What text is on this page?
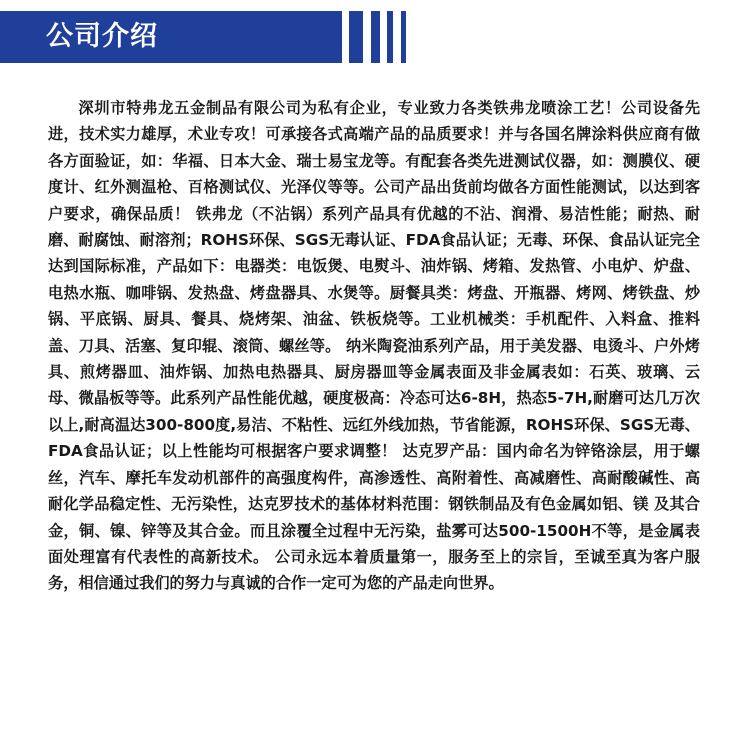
公司介绍

深圳市特弗龙五金制品有限公司为私有企业，专业致力各类铁弗龙喷涂工艺！公司设备先进，技术实力雄厚，术业专攻！可承接各式高端产品的品质要求！并与各国名牌涂料供应商有做各方面验证，如：华福、日本大金、瑞士易宝龙等。有配套各类先进测试仪器，如：测膜仪、硬度计、红外测温枪、百格测试仪、光泽仪等等。公司产品出货前均做各方面性能测试，以达到客户要求，确保品质！ 铁弗龙（不沾锅）系列产品具有优越的不沾、润滑、易洁性能；耐热、耐磨、耐腐蚀、耐溶剂；ROHS环保、SGS无毒认证、FDA食品认证；无毒、环保、食品认证完全达到国际标准，产品如下：电器类：电饭煲、电熨斗、油炸锅、烤箱、发热管、小电炉、炉盘、电热水瓶、咖啡锅、发热盘、烤盘器具、水煲等。厨餐具类：烤盘、开瓶器、烤网、烤铁盘、炒锅、平底锅、厨具、餐具、烧烤架、油盆、铁板烧等。工业机械类：手机配件、入料盒、推料盖、刀具、活塞、复印辊、滚筒、螺丝等。 纳米陶瓷油系列产品，用于美发器、电烫斗、户外烤具、煎烤器皿、油炸锅、加热电热器具、厨房器皿等金属表面及非金属表如：石英、玻璃、云母、微晶板等等。此系列产品性能优越，硬度极高：冷态可达6-8H，热态5-7H,耐磨可达几万次以上,耐高温达300-800度,易洁、不粘性、远红外线加热，节省能源，ROHS环保、SGS无毒、FDA食品认证；以上性能均可根据客户要求调整！ 达克罗产品：国内命名为锌铬涂层，用于螺丝，汽车、摩托车发动机部件的高强度构件，高渗透性、高附着性、高减磨性、高耐酸碱性、高耐化学品稳定性、无污染性，达克罗技术的基体材料范围：钢铁制品及有色金属如铝、镁 及其合金，铜、镍、锌等及其合金。而且涂覆全过程中无污染，盐雾可达500-1500H不等，是金属表面处理富有代表性的高新技术。 公司永远本着质量第一，服务至上的宗旨，至诚至真为客户服务，相信通过我们的努力与真诚的合作一定可为您的产品走向世界。
